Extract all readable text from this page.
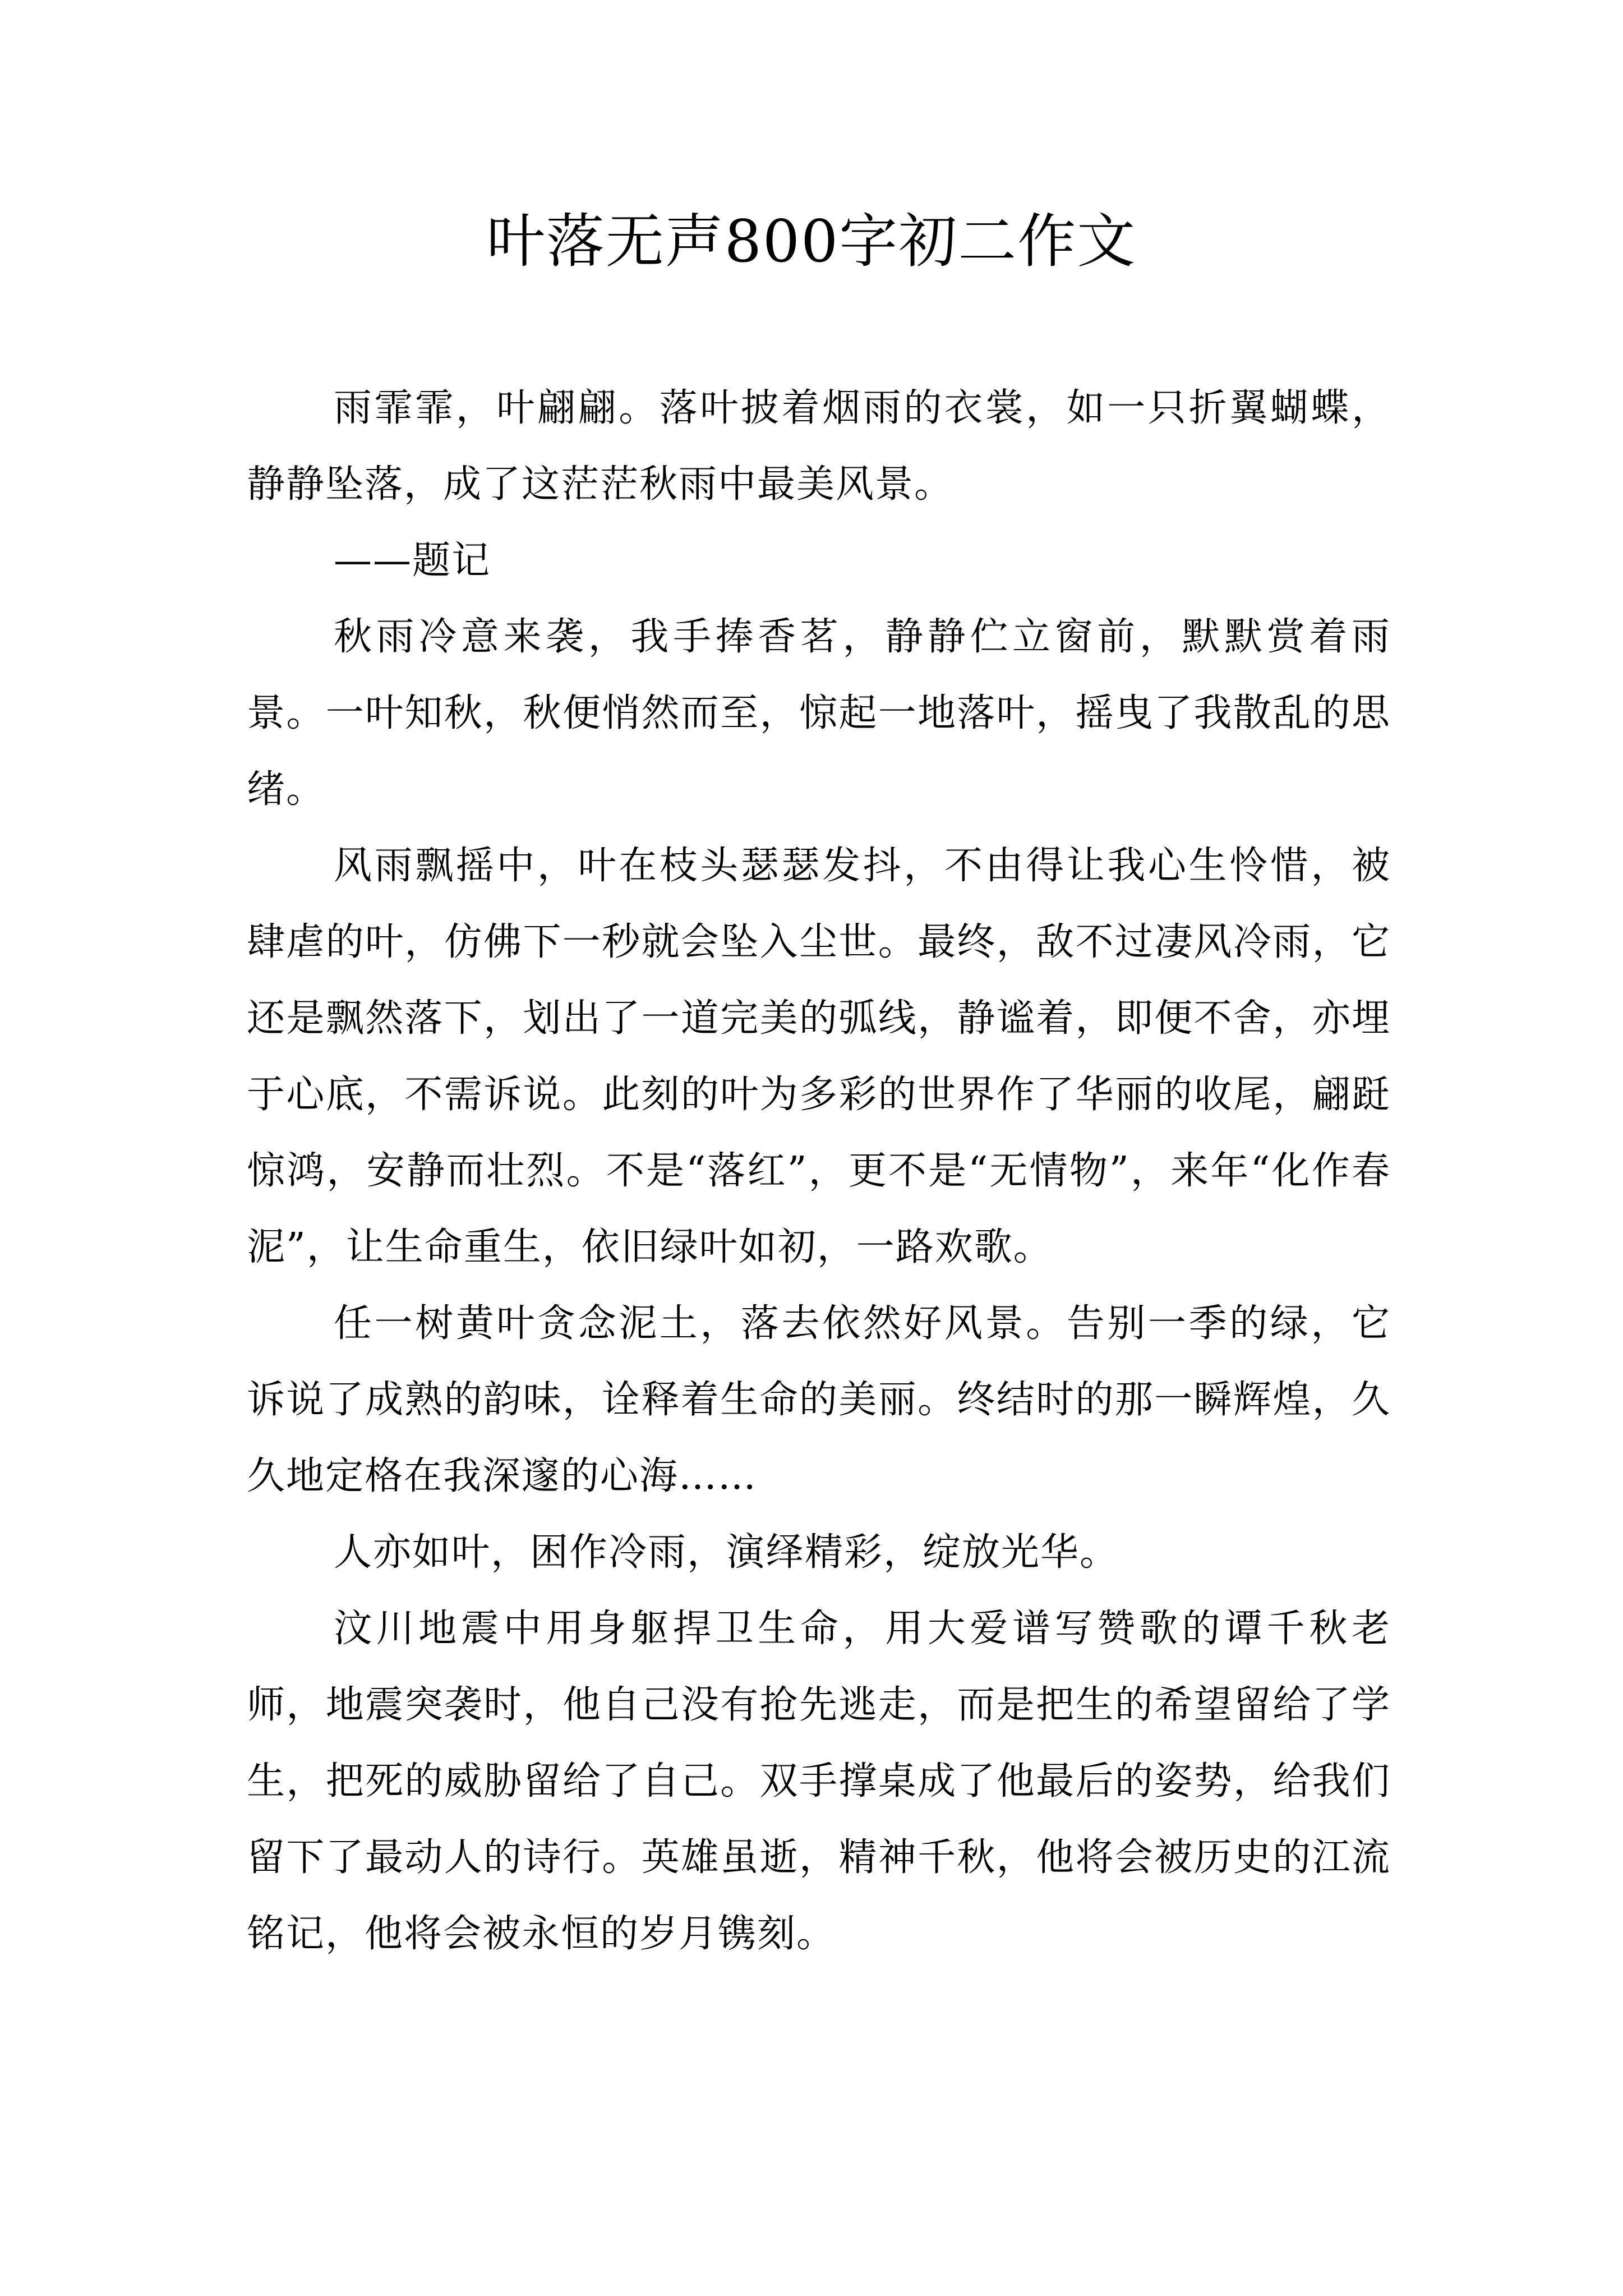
叶落无声800字初二作文

雨霏霏，叶翩翩。落叶披着烟雨的衣裳，如一只折翼蝴蝶，静静坠落，成了这茫茫秋雨中最美风景。

——题记

秋雨冷意来袭，我手捧香茗，静静伫立窗前，默默赏着雨景。一叶知秋，秋便悄然而至，惊起一地落叶，摇曳了我散乱的思绪。

风雨飘摇中，叶在枝头瑟瑟发抖，不由得让我心生怜惜，被肆虐的叶，仿佛下一秒就会坠入尘世。最终，敌不过凄风冷雨，它还是飘然落下，划出了一道完美的弧线，静谧着，即便不舍，亦埋于心底，不需诉说。此刻的叶为多彩的世界作了华丽的收尾，翩跹惊鸿，安静而壮烈。不是“落红”，更不是“无情物”，来年“化作春泥”，让生命重生，依旧绿叶如初，一路欢歌。

任一树黄叶贪念泥土，落去依然好风景。告别一季的绿，它诉说了成熟的韵味，诠释着生命的美丽。终结时的那一瞬辉煌，久久地定格在我深邃的心海……

人亦如叶，困作冷雨，演绎精彩，绽放光华。

汶川地震中用身躯捍卫生命，用大爱谱写赞歌的谭千秋老师，地震突袭时，他自己没有抢先逃走，而是把生的希望留给了学生，把死的威胁留给了自己。双手撑桌成了他最后的姿势，给我们留下了最动人的诗行。英雄虽逝，精神千秋，他将会被历史的江流铭记，他将会被永恒的岁月镌刻。
